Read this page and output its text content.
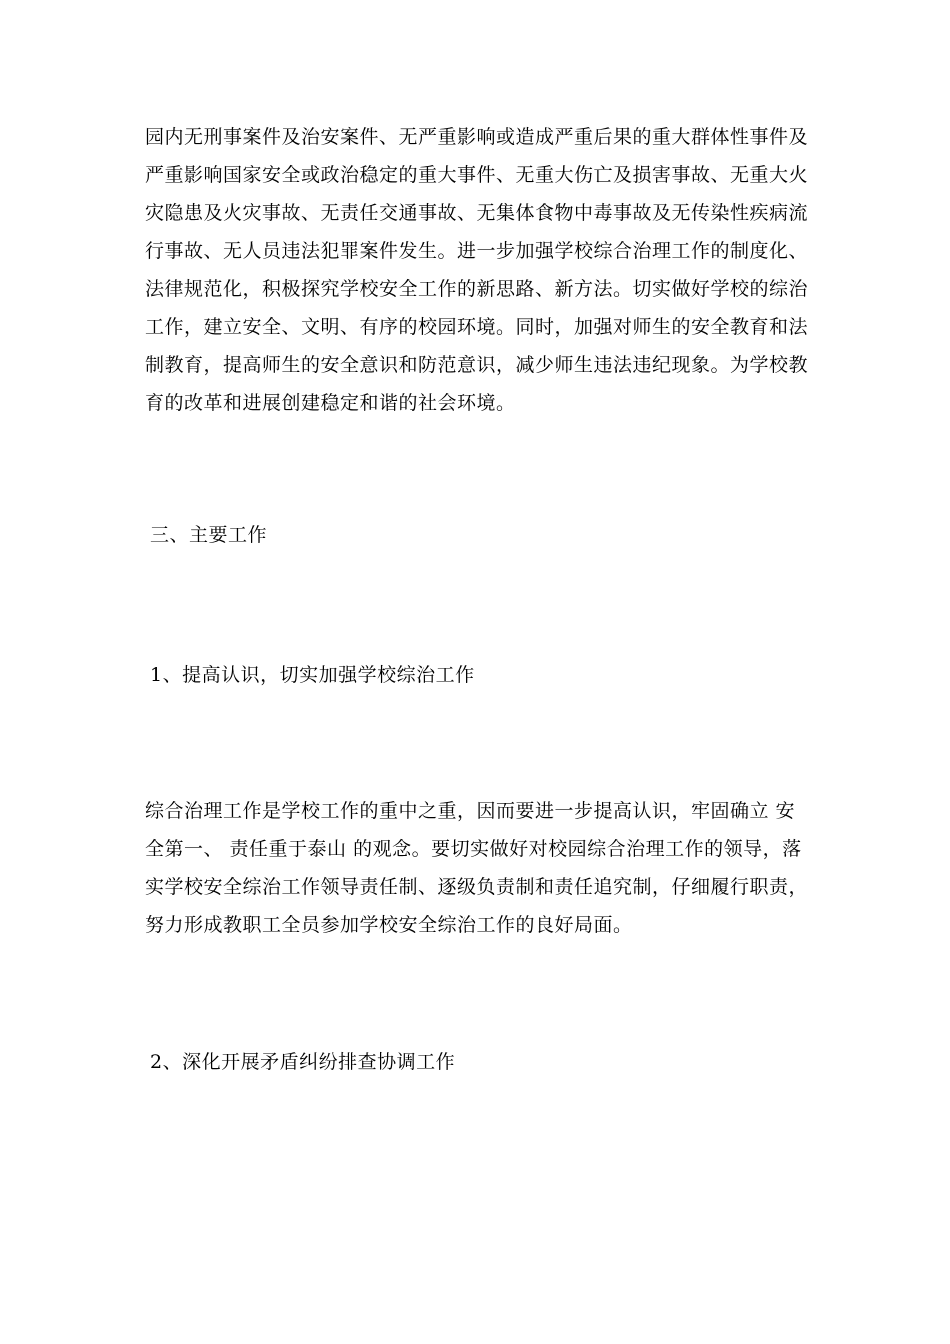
园内无刑事案件及治安案件、无严重影响或造成严重后果的重大群体性事件及
严重影响国家安全或政治稳定的重大事件、无重大伤亡及损害事故、无重大火
灾隐患及火灾事故、无责任交通事故、无集体食物中毒事故及无传染性疾病流
行事故、无人员违法犯罪案件发生。进一步加强学校综合治理工作的制度化、
法律规范化，积极探究学校安全工作的新思路、新方法。切实做好学校的综治
工作，建立安全、文明、有序的校园环境。同时，加强对师生的安全教育和法
制教育，提高师生的安全意识和防范意识，减少师生违法违纪现象。为学校教
育的改革和进展创建稳定和谐的社会环境。
三、主要工作
1、提高认识，切实加强学校综治工作
综合治理工作是学校工作的重中之重，因而要进一步提高认识，牢固确立 安
全第一、 责任重于泰山 的观念。要切实做好对校园综合治理工作的领导，落
实学校安全综治工作领导责任制、逐级负责制和责任追究制，仔细履行职责，
努力形成教职工全员参加学校安全综治工作的良好局面。
2、深化开展矛盾纠纷排查协调工作
